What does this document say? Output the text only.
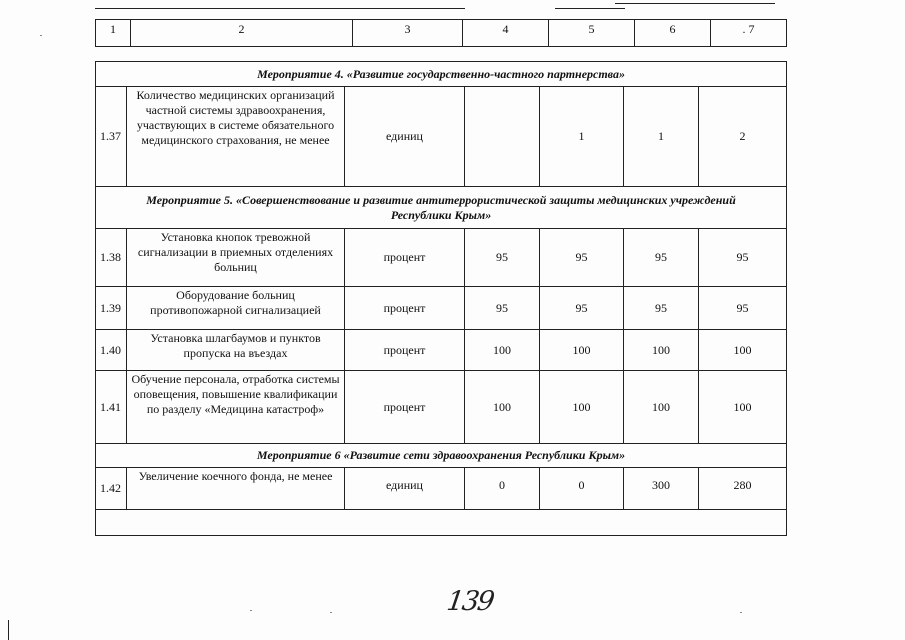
1	2	3	4	5	6	. 7
Мероприятие 4. «Развитие государственно-частного партнерства»						
1.37	Количество медицинских организаций частной системы здравоохранения, участвующих в системе обязательного медицинского страхования, не менее	единиц		1	1	2
Мероприятие 5. «Совершенствование и развитие антитеррористической защиты медицинских учреждений Республики Крым»						
1.38	Установка кнопок тревожной сигнализации в приемных отделениях больниц	процент	95	95	95	95
1.39	Оборудование больниц противопожарной сигнализацией	процент	95	95	95	95
1.40	Установка шлагбаумов и пунктов пропуска на въездах	процент	100	100	100	100
1.41	Обучение персонала, отработка системы оповещения, повышение квалификации по разделу «Медицина катастроф»	процент	100	100	100	100
Мероприятие 6 «Развитие сети здравоохранения Республики Крым»						
1.42	Увеличение коечного фонда, не менее	единиц	0	0	300	280

139
